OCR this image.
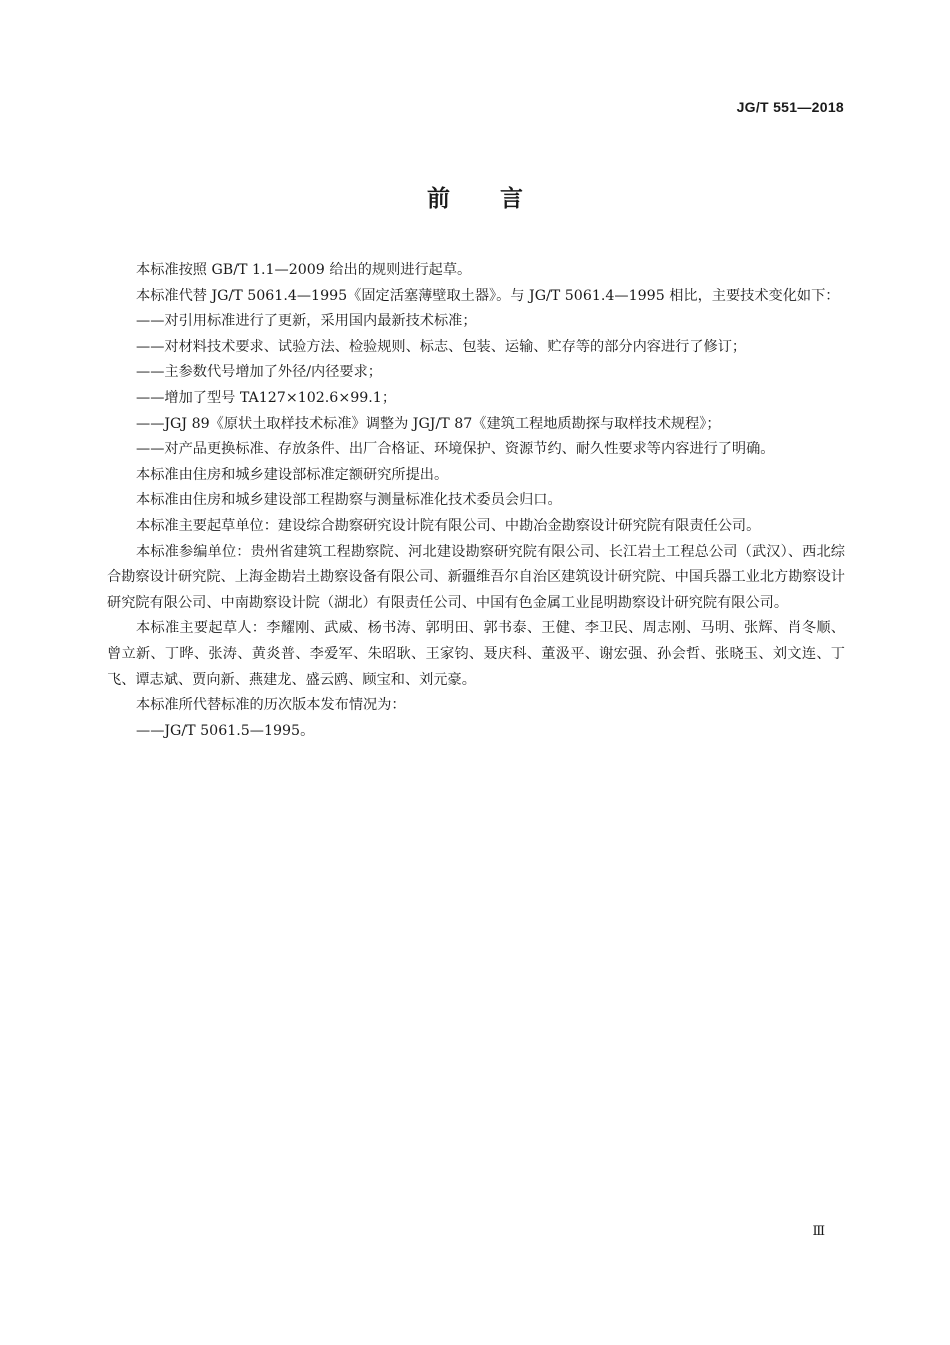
JG/T 551—2018
前 言

本标准按照 GB/T 1.1—2009 给出的规则进行起草。

本标准代替 JG/T 5061.4—1995《固定活塞薄壁取土器》。与 JG/T 5061.4—1995 相比，主要技术变化如下：

——对引用标准进行了更新，采用国内最新技术标准；

——对材料技术要求、试验方法、检验规则、标志、包装、运输、贮存等的部分内容进行了修订；

——主参数代号增加了外径/内径要求；

——增加了型号 TA127×102.6×99.1；

——JGJ 89《原状土取样技术标准》调整为 JGJ/T 87《建筑工程地质勘探与取样技术规程》；

——对产品更换标准、存放条件、出厂合格证、环境保护、资源节约、耐久性要求等内容进行了明确。

本标准由住房和城乡建设部标准定额研究所提出。

本标准由住房和城乡建设部工程勘察与测量标准化技术委员会归口。

本标准主要起草单位：建设综合勘察研究设计院有限公司、中勘冶金勘察设计研究院有限责任公司。

本标准参编单位：贵州省建筑工程勘察院、河北建设勘察研究院有限公司、长江岩土工程总公司（武汉）、西北综合勘察设计研究院、上海金勘岩土勘察设备有限公司、新疆维吾尔自治区建筑设计研究院、中国兵器工业北方勘察设计研究院有限公司、中南勘察设计院（湖北）有限责任公司、中国有色金属工业昆明勘察设计研究院有限公司。

本标准主要起草人：李耀刚、武威、杨书涛、郭明田、郭书泰、王健、李卫民、周志刚、马明、张辉、肖冬顺、曾立新、丁晔、张涛、黄炎普、李爱军、朱昭耿、王家钧、聂庆科、董汲平、谢宏强、孙会哲、张晓玉、刘文连、丁飞、谭志斌、贾向新、燕建龙、盛云鸥、顾宝和、刘元豪。

本标准所代替标准的历次版本发布情况为：

——JG/T 5061.5—1995。

Ⅲ
